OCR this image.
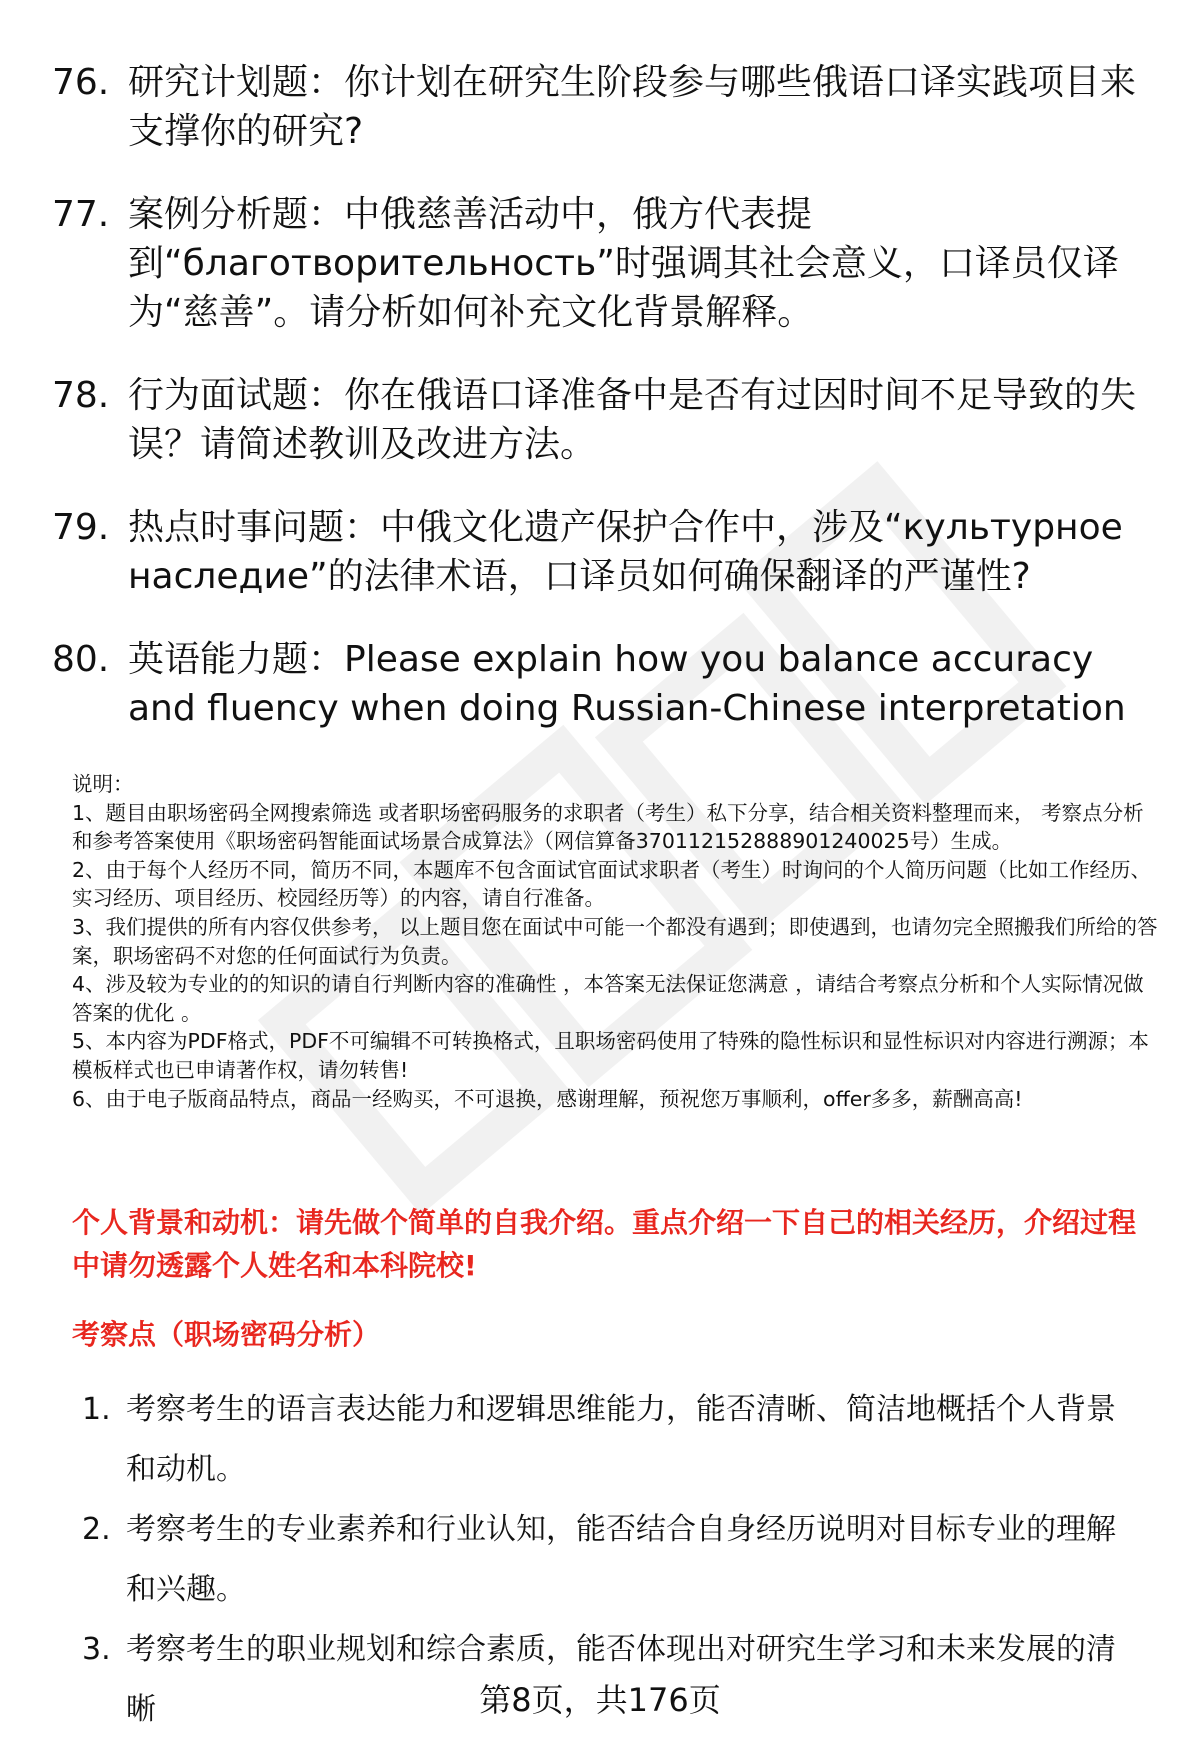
76. 研究计划题：你计划在研究生阶段参与哪些俄语口译实践项目来支撑你的研究?
77. 案例分析题：中俄慈善活动中，俄方代表提到“благотворительность”时强调其社会意义，口译员仅译为“慈善”。请分析如何补充文化背景解释。
78. 行为面试题：你在俄语口译准备中是否有过因时间不足导致的失误？请简述教训及改进方法。
79. 热点时事问题：中俄文化遗产保护合作中，涉及“культурное наследие”的法律术语，口译员如何确保翻译的严谨性?
80. 英语能力题：Please explain how you balance accuracy and fluency when doing Russian-Chinese interpretation

说明：

1、题目由职场密码全网搜索筛选 或者职场密码服务的求职者（考生）私下分享，结合相关资料整理而来， 考察点分析和参考答案使用《职场密码智能面试场景合成算法》（网信算备370112152888901240025号）生成。

2、由于每个人经历不同，简历不同，本题库不包含面试官面试求职者（考生）时询问的个人简历问题（比如工作经历、实习经历、项目经历、校园经历等）的内容，请自行准备。

3、我们提供的所有内容仅供参考， 以上题目您在面试中可能一个都没有遇到；即使遇到，也请勿完全照搬我们所给的答案，职场密码不对您的任何面试行为负责。

4、涉及较为专业的的知识的请自行判断内容的准确性 ，本答案无法保证您满意 ，请结合考察点分析和个人实际情况做答案的优化 。

5、本内容为PDF格式，PDF不可编辑不可转换格式，且职场密码使用了特殊的隐性标识和显性标识对内容进行溯源；本模板样式也已申请著作权，请勿转售!

6、由于电子版商品特点，商品一经购买，不可退换，感谢理解，预祝您万事顺利，offer多多，薪酬高高!

个人背景和动机：请先做个简单的自我介绍。重点介绍一下自己的相关经历，介绍过程中请勿透露个人姓名和本科院校!
考察点（职场密码分析）
1. 考察考生的语言表达能力和逻辑思维能力，能否清晰、简洁地概括个人背景和动机。
2. 考察考生的专业素养和行业认知，能否结合自身经历说明对目标专业的理解和兴趣。
3. 考察考生的职业规划和综合素质，能否体现出对研究生学习和未来发展的清晰	第8页，共176页
